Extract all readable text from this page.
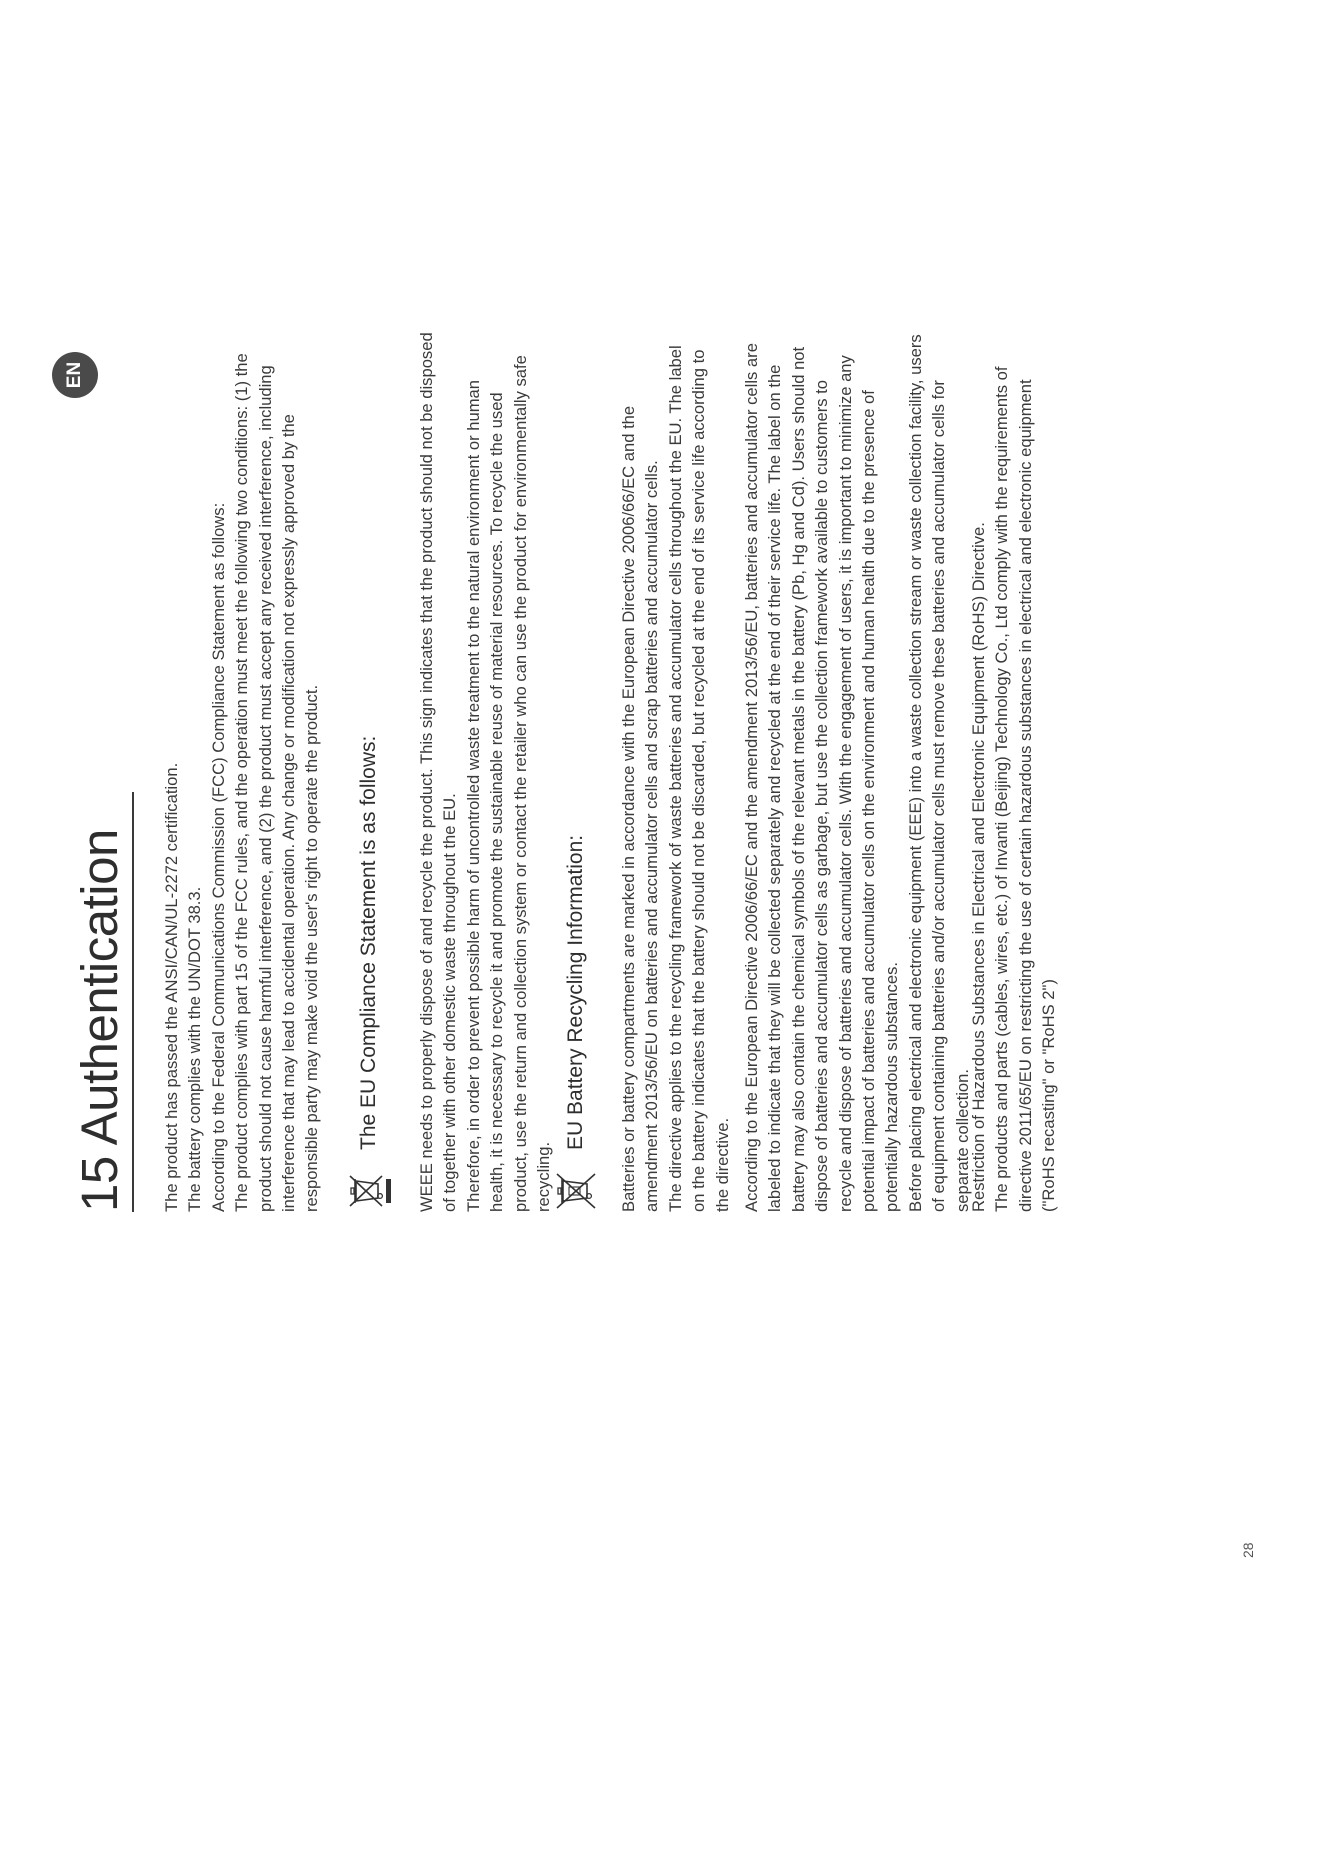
EN
15 Authentication The product has passed the ANSI/CAN/UL-2272 certification. The battery complies with the UN/DOT 38.3. According to the Federal Communications Commission (FCC) Compliance Statement as follows: The product complies with part 15 of the FCC rules, and the operation must meet the following two conditions: (1) the product should not cause harmful interference, and (2) the product must accept any received interference, including interference that may lead to accidental operation. Any change or modification not expressly approved by the responsible party may make void the user's right to operate the product. The EU Compliance Statement is as follows: WEEE needs to properly dispose of and recycle the product. This sign indicates that the product should not be disposed of together with other domestic waste throughout the EU. Therefore, in order to prevent possible harm of uncontrolled waste treatment to the natural environment or human health, it is necessary to recycle it and promote the sustainable reuse of material resources. To recycle the used product, use the return and collection system or contact the retailer who can use the product for environmentally safe recycling.

EU Battery Recycling Information: Batteries or battery compartments are marked in accordance with the European Directive 2006/66/EC and the amendment 2013/56/EU on batteries and accumulator cells and scrap batteries and accumulator cells. The directive applies to the recycling framework of waste batteries and accumulator cells throughout the EU. The label on the battery indicates that the battery should not be discarded, but recycled at the end of its service life according to the directive. According to the European Directive 2006/66/EC and the amendment 2013/56/EU, batteries and accumulator cells are labeled to indicate that they will be collected separately and recycled at the end of their service life. The label on the battery may also contain the chemical symbols of the relevant metals in the battery (Pb, Hg and Cd). Users should not dispose of batteries and accumulator cells as garbage, but use the collection framework available to customers to recycle and dispose of batteries and accumulator cells. With the engagement of users, it is important to minimize any potential impact of batteries and accumulator cells on the environment and human health due to the presence of potentially hazardous substances. Before placing electrical and electronic equipment (EEE) into a waste collection stream or waste collection facility, users of equipment containing batteries and/or accumulator cells must remove these batteries and accumulator cells for separate collection.

Restriction of Hazardous Substances in Electrical and Electronic Equipment (RoHS) Directive. The products and parts (cables, wires, etc.) of Invanti (Beijing) Technology Co., Ltd comply with the requirements of directive 2011/65/EU on restricting the use of certain hazardous substances in electrical and electronic equipment ("RoHS recasting" or "RoHS 2")

28
